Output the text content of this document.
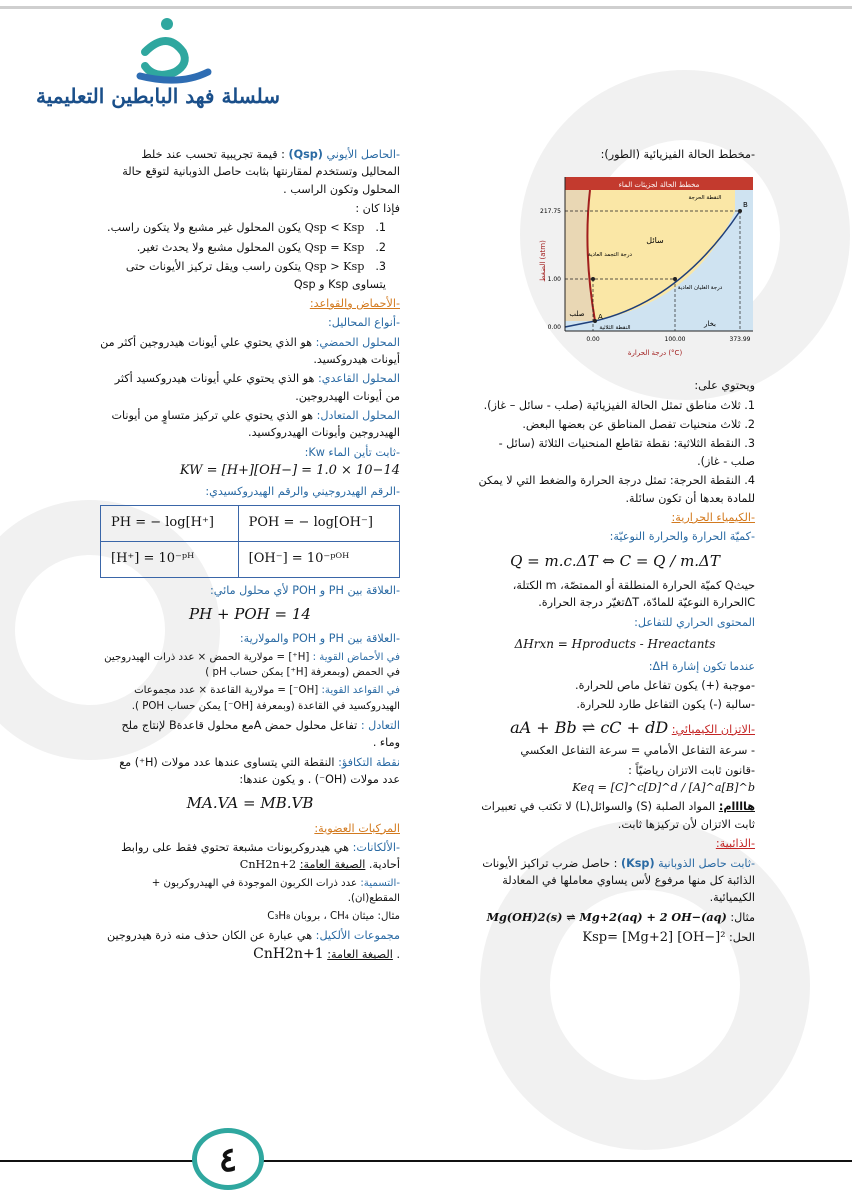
سلسلة فهد البابطين التعليمية

-الحاصل الأيوني (Qsp) : قيمة تجريبية تحسب عند خلط المحاليل وتستخدم لمقارنتها بثابت حاصل الذوبانية لتوقع حالة المحلول وتكون الراسب .

فإذا كان :

1. Qsp < Ksp يكون المحلول غير مشبع ولا يتكون راسب.

2. Qsp = Ksp يكون المحلول مشبع ولا يحدث تغير.

3. Qsp > Ksp يتكون راسب ويقل تركيز الأيونات حتى يتساوى Ksp و Qsp

-الأحماض والقواعد:

-أنواع المحاليل:

المحلول الحمضي: هو الذي يحتوي علي أيونات هيدروجين أكثر من أيونات هيدروكسيد.

المحلول القاعدي: هو الذي يحتوي علي أيونات هيدروكسيد أكثر من أيونات الهيدروجين.

المحلول المتعادل: هو الذي يحتوي علي تركيز متساوٍ من أيونات الهيدروجين وأيونات الهيدروكسيد.

-ثابت تأين الماء Kw: KW = [H+][OH−] = 1.0 × 10−14

-الرقم الهيدروجيني والرقم الهيدروكسيدي:

PH = − log[H⁺]	POH = − log[OH⁻]
[H⁺] = 10⁻ᵖᴴ	[OH⁻] = 10⁻ᵖᴼᴴ

-العلاقة بين PH و POH لأي محلول مائي:

PH + POH = 14

-العلاقة بين PH و POH والمولارية:

في الأحماض القوية : [H⁺] = مولارية الحمض × عدد ذرات الهيدروجين في الحمض (وبمعرفة [H⁺] يمكن حساب pH )

في القواعد القوية: [OH⁻] = مولارية القاعدة × عدد مجموعات الهيدروكسيد في القاعدة (وبمعرفة [OH⁻] يمكن حساب POH ).

التعادل : تفاعل محلول حمض Aمع محلول قاعدةB لإنتاج ملح وماء .

نقطة التكافؤ: النقطة التي يتساوى عندها عدد مولات (H⁺) مع عدد مولات (OH⁻) . و يكون عندها:

MA.VA = MB.VB

المركبات العضوية:

-الألكانات: هي هيدروكربونات مشبعة تحتوي فقط على روابط أحادية. الصيغة العامة: CnH2n+2

-التسمية: عدد ذرات الكربون الموجودة في الهيدروكربون + المقطع(ان).

مثال: ميثان CH₄ ، بروبان C₃H₈

مجموعات الألكيل: هي عبارة عن الكان حذف منه ذرة هيدروجين . الصيغة العامة: CnH2n+1

-مخطط الحالة الفيزيائية (الطور):

مخطط الحالة لجزيئات الماء
B
A
سائل
صلب
بخار
النقطة الحرجة
درجة التجمد العادية
درجة الغليان العادية
النقطة الثلاثية
217.75
1.00
0.00
0.00	100.00	373.99
درجة الحرارة (°C)
الضغط (atm)

ويحتوي على:

1. ثلاث مناطق تمثل الحالة الفيزيائية (صلب - سائل – غاز).

2. ثلاث منحنيات تفصل المناطق عن بعضها البعض.

3. النقطة الثلاثية: نقطة تقاطع المنحنيات الثلاثة (سائل - صلب - غاز).

4. النقطة الحرجة: تمثل درجة الحرارة والضغط التي لا يمكن للمادة بعدها أن تكون سائلة.

-الكيمياء الحرارية:

-كميّة الحرارة والحرارة النوعيّة:

Q = m.c.ΔT ⇔ C = Q / m.ΔT

حيثQ كميّة الحرارة المنطلقة أو الممتصّة، m الكتلة، Cالحرارة النوعيّة للمادّة، ΔTتغيّر درجة الحرارة.

المحتوى الحراري للتفاعل:

ΔHrxn = Hproducts - Hreactants

عندما تكون إشارة ΔH:

-موجبة (+) يكون تفاعل ماص للحرارة.

-سالبة (-) يكون التفاعل طارد للحرارة.

-الاتزان الكيميائي: aA + Bb ⇌ cC + dD

- سرعة التفاعل الأمامي = سرعة التفاعل العكسي

-قانون ثابت الاتزان رياضيّاً : Keq = [C]^c[D]^d / [A]^a[B]^b

هاااام: المواد الصلبة (S) والسوائل(L) لا تكتب في تعبيرات ثابت الاتزان لأن تركيزها ثابت.

-الذائبية:

-ثابت حاصل الذوبانية (Ksp) : حاصل ضرب تراكيز الأيونات الذائبة كل منها مرفوع لأس يساوي معاملها في المعادلة الكيميائية.

مثال: Mg(OH)2(s) ⇌ Mg+2(aq) + 2 OH−(aq)

الحل: Ksp= [Mg+2] [OH−]²

٤
